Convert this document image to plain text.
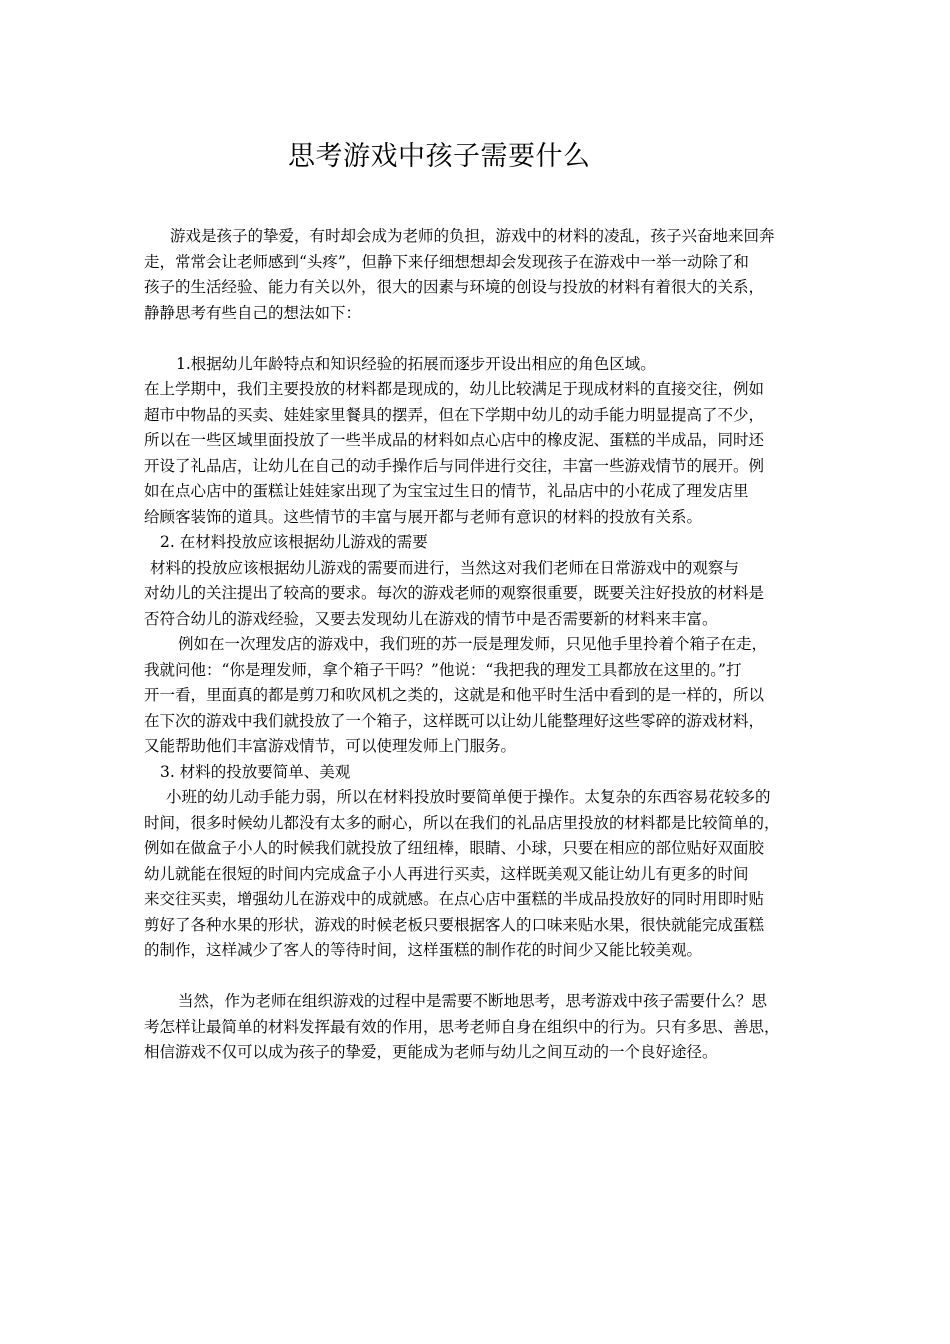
思考游戏中孩子需要什么
游戏是孩子的挚爱，有时却会成为老师的负担，游戏中的材料的凌乱，孩子兴奋地来回奔
走，常常会让老师感到“头疼”，但静下来仔细想想却会发现孩子在游戏中一举一动除了和
孩子的生活经验、能力有关以外，很大的因素与环境的创设与投放的材料有着很大的关系，
静静思考有些自己的想法如下：
1.根据幼儿年龄特点和知识经验的拓展而逐步开设出相应的角色区域。
在上学期中，我们主要投放的材料都是现成的，幼儿比较满足于现成材料的直接交往，例如
超市中物品的买卖、娃娃家里餐具的摆弄，但在下学期中幼儿的动手能力明显提高了不少，
所以在一些区域里面投放了一些半成品的材料如点心店中的橡皮泥、蛋糕的半成品，同时还
开设了礼品店，让幼儿在自己的动手操作后与同伴进行交往，丰富一些游戏情节的展开。例
如在点心店中的蛋糕让娃娃家出现了为宝宝过生日的情节，礼品店中的小花成了理发店里
给顾客装饰的道具。这些情节的丰富与展开都与老师有意识的材料的投放有关系。
2. 在材料投放应该根据幼儿游戏的需要
材料的投放应该根据幼儿游戏的需要而进行，当然这对我们老师在日常游戏中的观察与
对幼儿的关注提出了较高的要求。每次的游戏老师的观察很重要，既要关注好投放的材料是
否符合幼儿的游戏经验，又要去发现幼儿在游戏的情节中是否需要新的材料来丰富。
例如在一次理发店的游戏中，我们班的苏一辰是理发师，只见他手里拎着个箱子在走，
我就问他：“你是理发师，拿个箱子干吗？”他说：“我把我的理发工具都放在这里的。”打
开一看，里面真的都是剪刀和吹风机之类的，这就是和他平时生活中看到的是一样的，所以
在下次的游戏中我们就投放了一个箱子，这样既可以让幼儿能整理好这些零碎的游戏材料，
又能帮助他们丰富游戏情节，可以使理发师上门服务。
3. 材料的投放要简单、美观
小班的幼儿动手能力弱，所以在材料投放时要简单便于操作。太复杂的东西容易花较多的
时间，很多时候幼儿都没有太多的耐心，所以在我们的礼品店里投放的材料都是比较简单的，
例如在做盒子小人的时候我们就投放了纽纽棒，眼睛、小球，只要在相应的部位贴好双面胶
幼儿就能在很短的时间内完成盒子小人再进行买卖，这样既美观又能让幼儿有更多的时间
来交往买卖，增强幼儿在游戏中的成就感。在点心店中蛋糕的半成品投放好的同时用即时贴
剪好了各种水果的形状，游戏的时候老板只要根据客人的口味来贴水果，很快就能完成蛋糕
的制作，这样减少了客人的等待时间，这样蛋糕的制作花的时间少又能比较美观。
当然，作为老师在组织游戏的过程中是需要不断地思考，思考游戏中孩子需要什么？思
考怎样让最简单的材料发挥最有效的作用，思考老师自身在组织中的行为。只有多思、善思，
相信游戏不仅可以成为孩子的挚爱，更能成为老师与幼儿之间互动的一个良好途径。
